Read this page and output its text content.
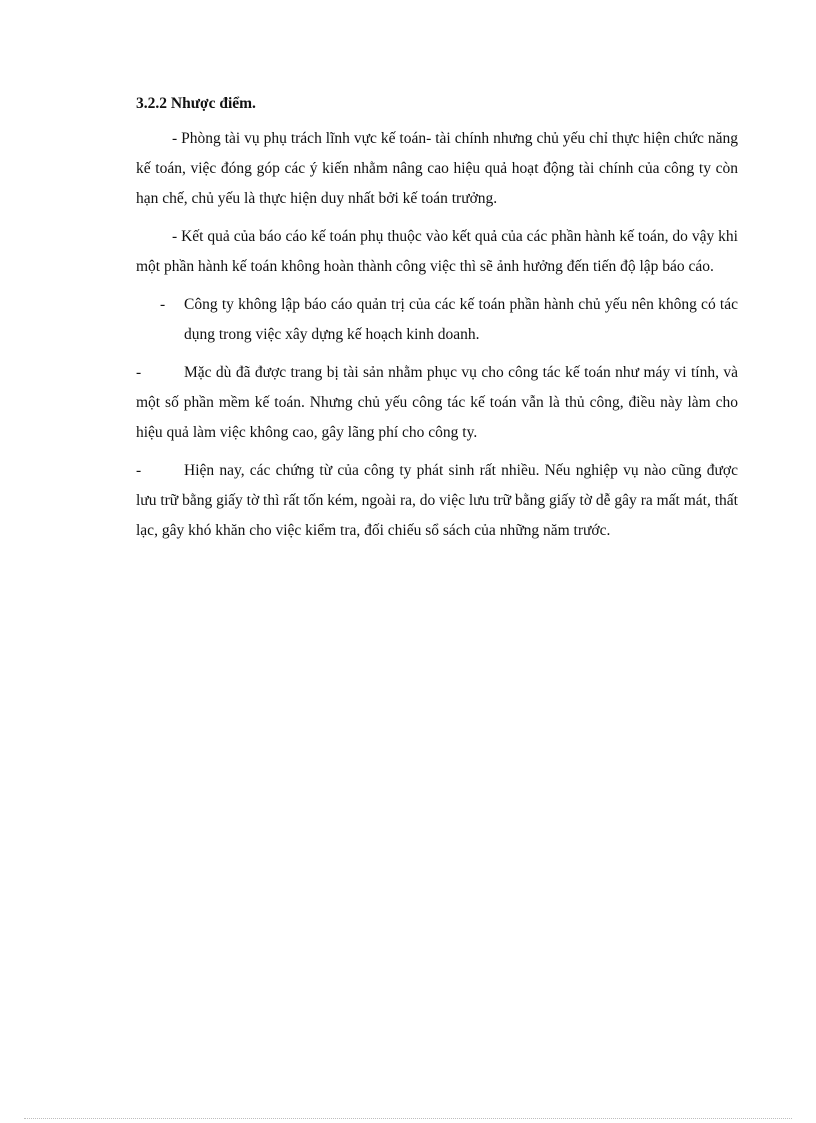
3.2.2 Nhược điểm.

- Phòng tài vụ phụ trách lĩnh vực kế toán- tài chính nhưng chủ yếu chỉ thực hiện chức năng kế toán, việc đóng góp các ý kiến nhằm nâng cao hiệu quả hoạt động tài chính của công ty còn hạn chế, chủ yếu là thực hiện duy nhất bởi kế toán trưởng.

- Kết quả của báo cáo kế toán phụ thuộc vào kết quả của các phần hành kế toán, do vậy khi một phần hành kế toán không hoàn thành công việc thì sẽ ảnh hưởng đến tiến độ lập báo cáo.

- Công ty không lập báo cáo quản trị của các kế toán phần hành chủ yếu nên không có tác dụng trong việc xây dựng kế hoạch kinh doanh.

-	Mặc dù đã được trang bị tài sản nhằm phục vụ cho công tác kế toán như máy vi tính, và một số phần mềm kế toán. Nhưng chủ yếu công tác kế toán vẫn là thủ công, điều này làm cho hiệu quả làm việc không cao, gây lãng phí cho công ty.

-	Hiện nay, các chứng từ của công ty phát sinh rất nhiều. Nếu nghiệp vụ nào cũng được lưu trữ bằng giấy tờ thì rất tốn kém, ngoài ra, do việc lưu trữ bằng giấy tờ dễ gây ra mất mát, thất lạc, gây khó khăn cho việc kiểm tra, đối chiếu sổ sách của những năm trước.
